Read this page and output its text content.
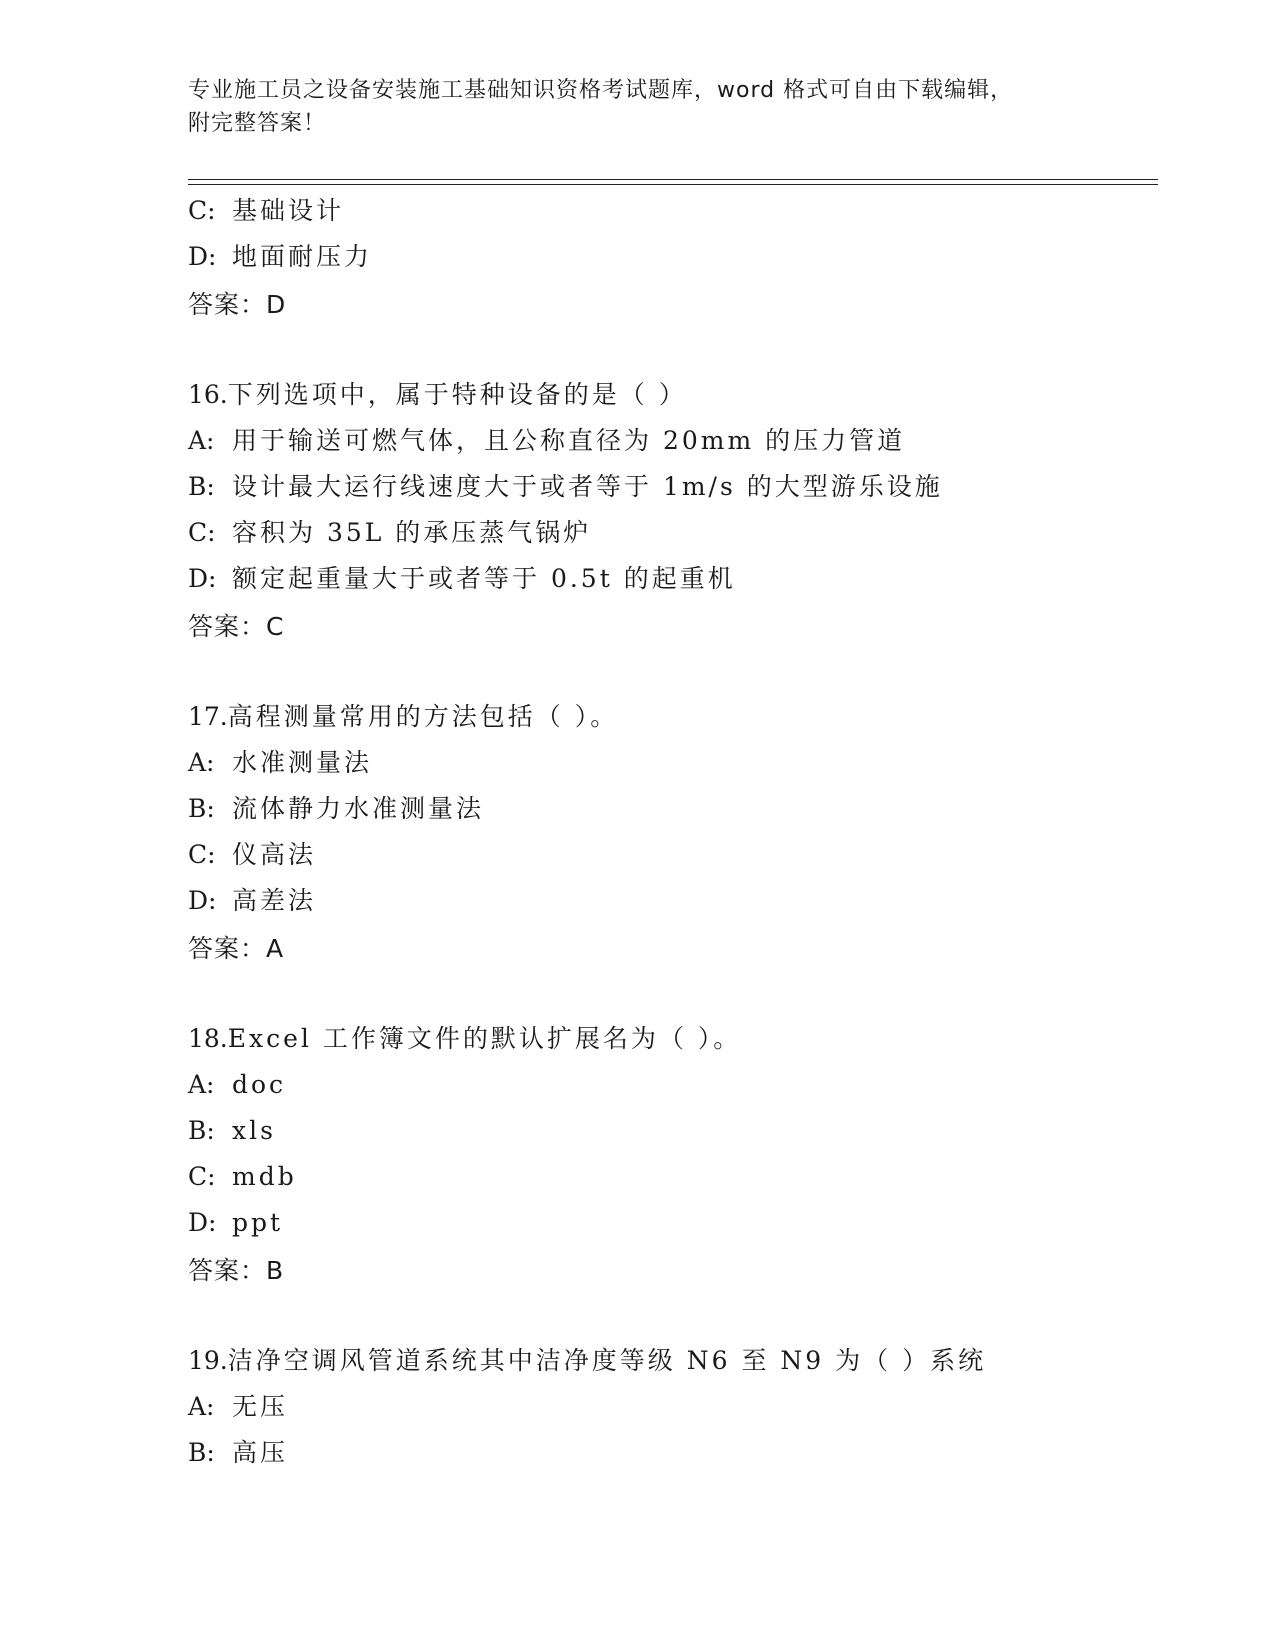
专业施工员之设备安装施工基础知识资格考试题库，word 格式可自由下载编辑，
附完整答案！
C: 基础设计
D: 地面耐压力
答案：D
16.下列选项中，属于特种设备的是（ ）
A: 用于输送可燃气体，且公称直径为 20mm 的压力管道
B: 设计最大运行线速度大于或者等于 1m/s 的大型游乐设施
C: 容积为 35L 的承压蒸气锅炉
D: 额定起重量大于或者等于 0.5t 的起重机
答案：C
17.高程测量常用的方法包括（ ）。
A: 水准测量法
B: 流体静力水准测量法
C: 仪高法
D: 高差法
答案：A
18.Excel 工作簿文件的默认扩展名为（ ）。
A: doc
B: xls
C: mdb
D: ppt
答案：B
19.洁净空调风管道系统其中洁净度等级 N6 至 N9 为（ ）系统
A: 无压
B: 高压
